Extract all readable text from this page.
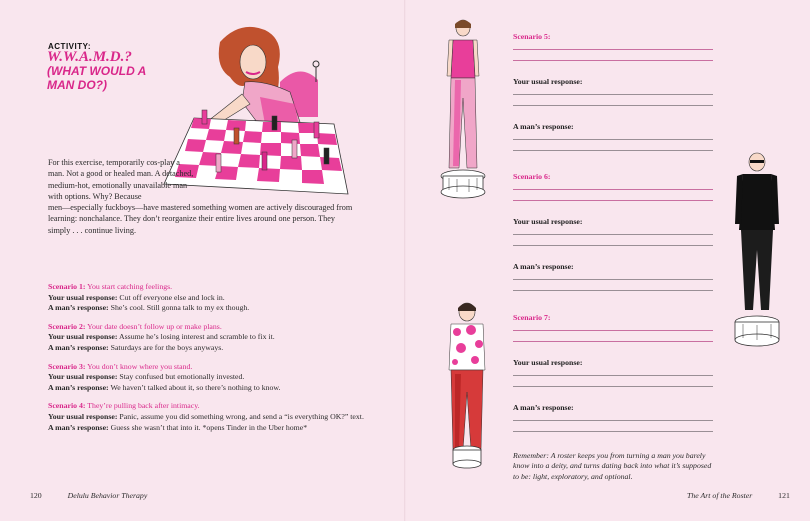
ACTIVITY:
W.W.A.M.D.?
(WHAT WOULD A MAN DO?)
For this exercise, temporarily cos-play a man. Not a good or healed man. A detached, medium-hot, emotionally unavailable man with options. Why? Because
men—especially fuckboys—have mastered something women are actively discouraged from learning: nonchalance. They don’t reorganize their entire lives around one person. They simply . . . continue living.
Scenario 1: You start catching feelings.
Your usual response: Cut off everyone else and lock in.
A man’s response: She’s cool. Still gonna talk to my ex though.
Scenario 2: Your date doesn’t follow up or make plans.
Your usual response: Assume he’s losing interest and scramble to fix it.
A man’s response: Saturdays are for the boys anyways.
Scenario 3: You don’t know where you stand.
Your usual response: Stay confused but emotionally invested.
A man’s response: We haven’t talked about it, so there’s nothing to know.
Scenario 4: They’re pulling back after intimacy.
Your usual response: Panic, assume you did something wrong, and send a “is everything OK?” text.
A man’s response: Guess she wasn’t that into it. *opens Tinder in the Uber home*
120	Delulu Behavior Therapy
Scenario 5:
Your usual response:
A man’s response:
Scenario 6:
Your usual response:
A man’s response:
Scenario 7:
Your usual response:
A man’s response:
Remember: A roster keeps you from turning a man you barely know into a deity, and turns dating back into what it’s supposed to be: light, exploratory, and optional.
The Art of the Roster	121
